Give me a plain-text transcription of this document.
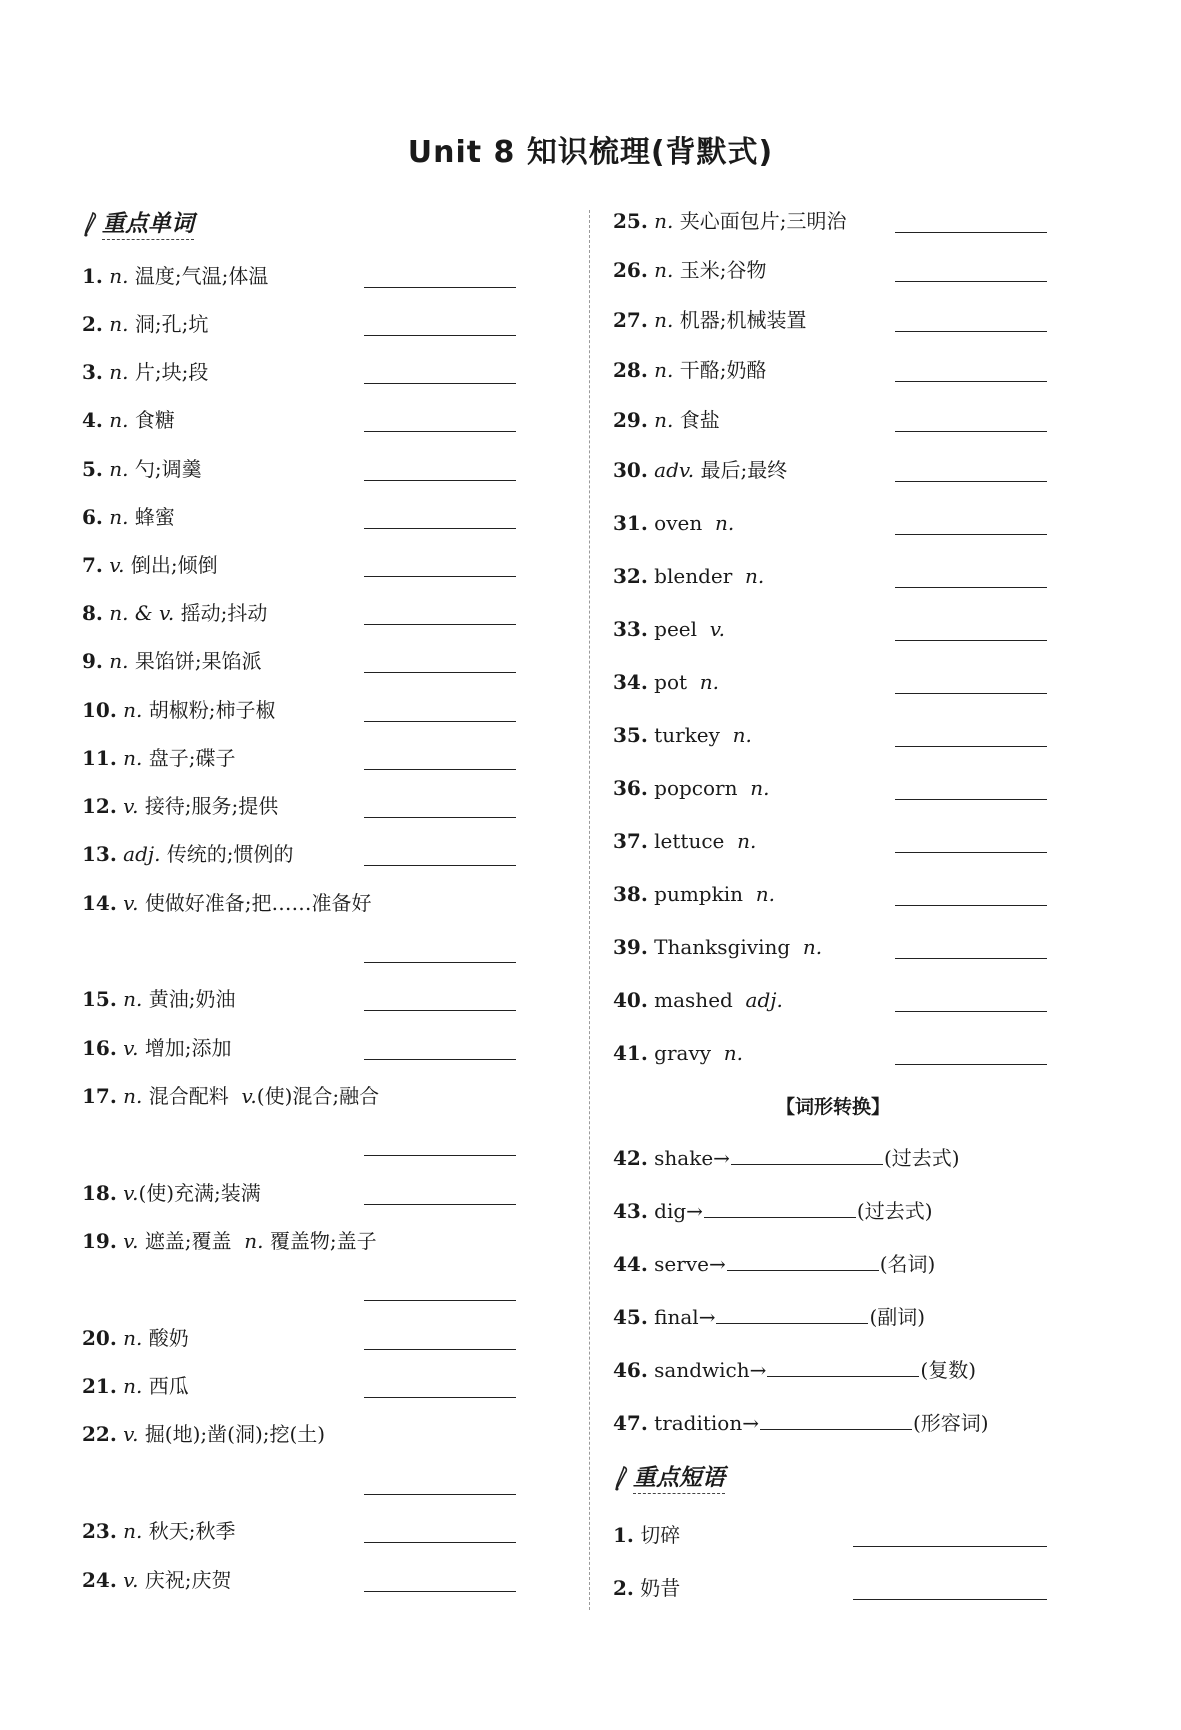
Unit 8 知识梳理(背默式)
重点单词
1. n. 温度;气温;体温
2. n. 洞;孔;坑
3. n. 片;块;段
4. n. 食糖
5. n. 勺;调羹
6. n. 蜂蜜
7. v. 倒出;倾倒
8. n. & v. 摇动;抖动
9. n. 果馅饼;果馅派
10. n. 胡椒粉;柿子椒
11. n. 盘子;碟子
12. v. 接待;服务;提供
13. adj. 传统的;惯例的
14. v. 使做好准备;把……准备好
15. n. 黄油;奶油
16. v. 增加;添加
17. n. 混合配料 v.(使)混合;融合
18. v.(使)充满;装满
19. v. 遮盖;覆盖 n. 覆盖物;盖子
20. n. 酸奶
21. n. 西瓜
22. v. 掘(地);凿(洞);挖(土)
23. n. 秋天;秋季
24. v. 庆祝;庆贺
25. n. 夹心面包片;三明治
26. n. 玉米;谷物
27. n. 机器;机械装置
28. n. 干酪;奶酪
29. n. 食盐
30. adv. 最后;最终
31. oven n.
32. blender n.
33. peel v.
34. pot n.
35. turkey n.
36. popcorn n.
37. lettuce n.
38. pumpkin n.
39. Thanksgiving n.
40. mashed adj.
41. gravy n.
【词形转换】
42. shake→	(过去式)
43. dig→	(过去式)
44. serve→	(名词)
45. final→	(副词)
46. sandwich→	(复数)
47. tradition→	(形容词)
重点短语
1. 切碎
2. 奶昔
